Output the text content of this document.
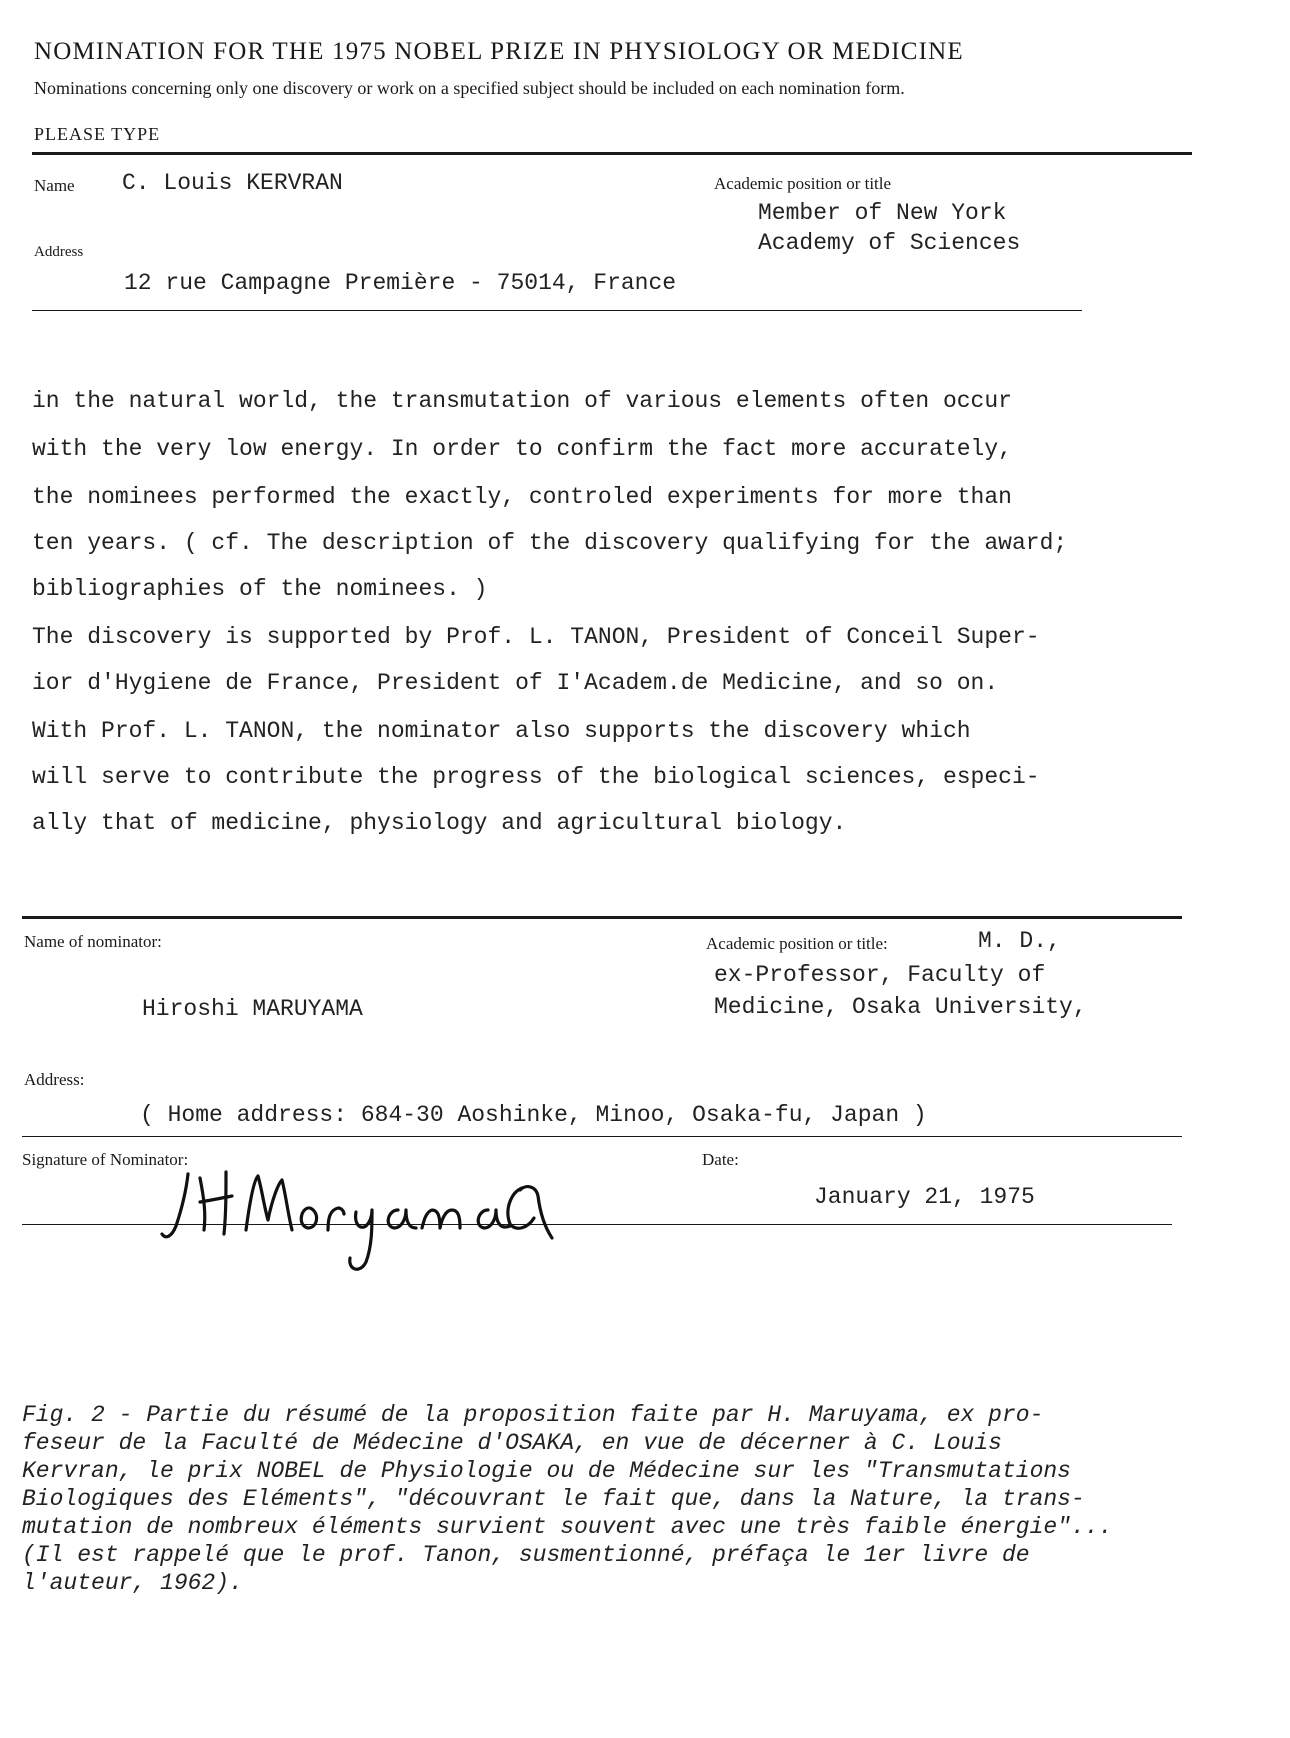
NOMINATION FOR THE 1975 NOBEL PRIZE IN PHYSIOLOGY OR MEDICINE
Nominations concerning only one discovery or work on a specified subject should be included on each nomination form.
PLEASE TYPE
Name C. Louis KERVRAN	Academic position or title
Member of New York
Academy of Sciences
Address
12 rue Campagne Première - 75014, France
in the natural world, the transmutation of various elements often occur
with the very low energy. In order to confirm the fact more accurately,
the nominees performed the exactly, controled experiments for more than
ten years. ( cf. The description of the discovery qualifying for the award;
bibliographies of the nominees. )
The discovery is supported by Prof. L. TANON, President of Conceil Super-
ior d'Hygiene de France, President of I'Academ.de Medicine, and so on.
With Prof. L. TANON, the nominator also supports the discovery which
will serve to contribute the progress of the biological sciences, especi-
ally that of medicine, physiology and agricultural biology.
Name of nominator:
Hiroshi MARUYAMA
Academic position or title:	M. D.,
ex-Professor, Faculty of
Medicine, Osaka University,
Address:
( Home address: 684-30 Aoshinke, Minoo, Osaka-fu, Japan )
Signature of Nominator:	Date:
January 21, 1975
Fig. 2 - Partie du résumé de la proposition faite par H. Maruyama, ex pro-
feseur de la Faculté de Médecine d'OSAKA, en vue de décerner à C. Louis
Kervran, le prix NOBEL de Physiologie ou de Médecine sur les "Transmutations
Biologiques des Eléments", "découvrant le fait que, dans la Nature, la trans-
mutation de nombreux éléments survient souvent avec une très faible énergie"...
(Il est rappelé que le prof. Tanon, susmentionné, préfaça le 1er livre de
l'auteur, 1962).
